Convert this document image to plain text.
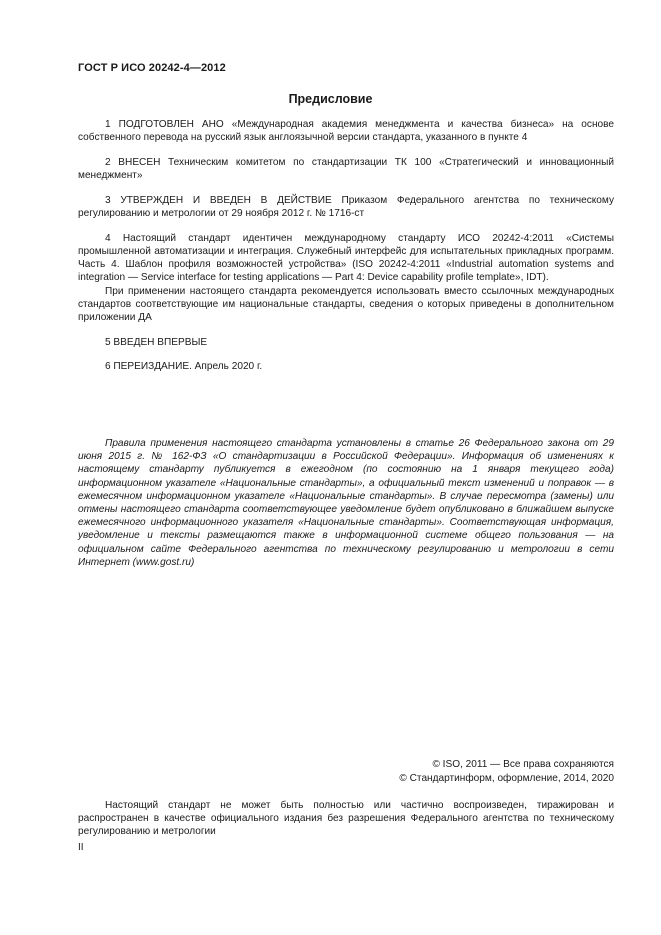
ГОСТ Р ИСО 20242-4—2012
Предисловие

1 ПОДГОТОВЛЕН АНО «Международная академия менеджмента и качества бизнеса» на основе собственного перевода на русский язык англоязычной версии стандарта, указанного в пункте 4

2 ВНЕСЕН Техническим комитетом по стандартизации ТК 100 «Стратегический и инновационный менеджмент»

3 УТВЕРЖДЕН И ВВЕДЕН В ДЕЙСТВИЕ Приказом Федерального агентства по техническому регулированию и метрологии от 29 ноября 2012 г. № 1716-ст

4 Настоящий стандарт идентичен международному стандарту ИСО 20242-4:2011 «Системы промышленной автоматизации и интеграция. Служебный интерфейс для испытательных прикладных программ. Часть 4. Шаблон профиля возможностей устройства» (ISO 20242-4:2011 «Industrial automation systems and integration — Service interface for testing applications — Part 4: Device capability profile template», IDT).

При применении настоящего стандарта рекомендуется использовать вместо ссылочных международных стандартов соответствующие им национальные стандарты, сведения о которых приведены в дополнительном приложении ДА

5 ВВЕДЕН ВПЕРВЫЕ

6 ПЕРЕИЗДАНИЕ. Апрель 2020 г.

Правила применения настоящего стандарта установлены в статье 26 Федерального закона от 29 июня 2015 г. № 162-ФЗ «О стандартизации в Российской Федерации». Информация об изменениях к настоящему стандарту публикуется в ежегодном (по состоянию на 1 января текущего года) информационном указателе «Национальные стандарты», а официальный текст изменений и поправок — в ежемесячном информационном указателе «Национальные стандарты». В случае пересмотра (замены) или отмены настоящего стандарта соответствующее уведомление будет опубликовано в ближайшем выпуске ежемесячного информационного указателя «Национальные стандарты». Соответствующая информация, уведомление и тексты размещаются также в информационной системе общего пользования — на официальном сайте Федерального агентства по техническому регулированию и метрологии в сети Интернет (www.gost.ru)

© ISO, 2011 — Все права сохраняются
© Стандартинформ, оформление, 2014, 2020

Настоящий стандарт не может быть полностью или частично воспроизведен, тиражирован и распространен в качестве официального издания без разрешения Федерального агентства по техническому регулированию и метрологии

II
